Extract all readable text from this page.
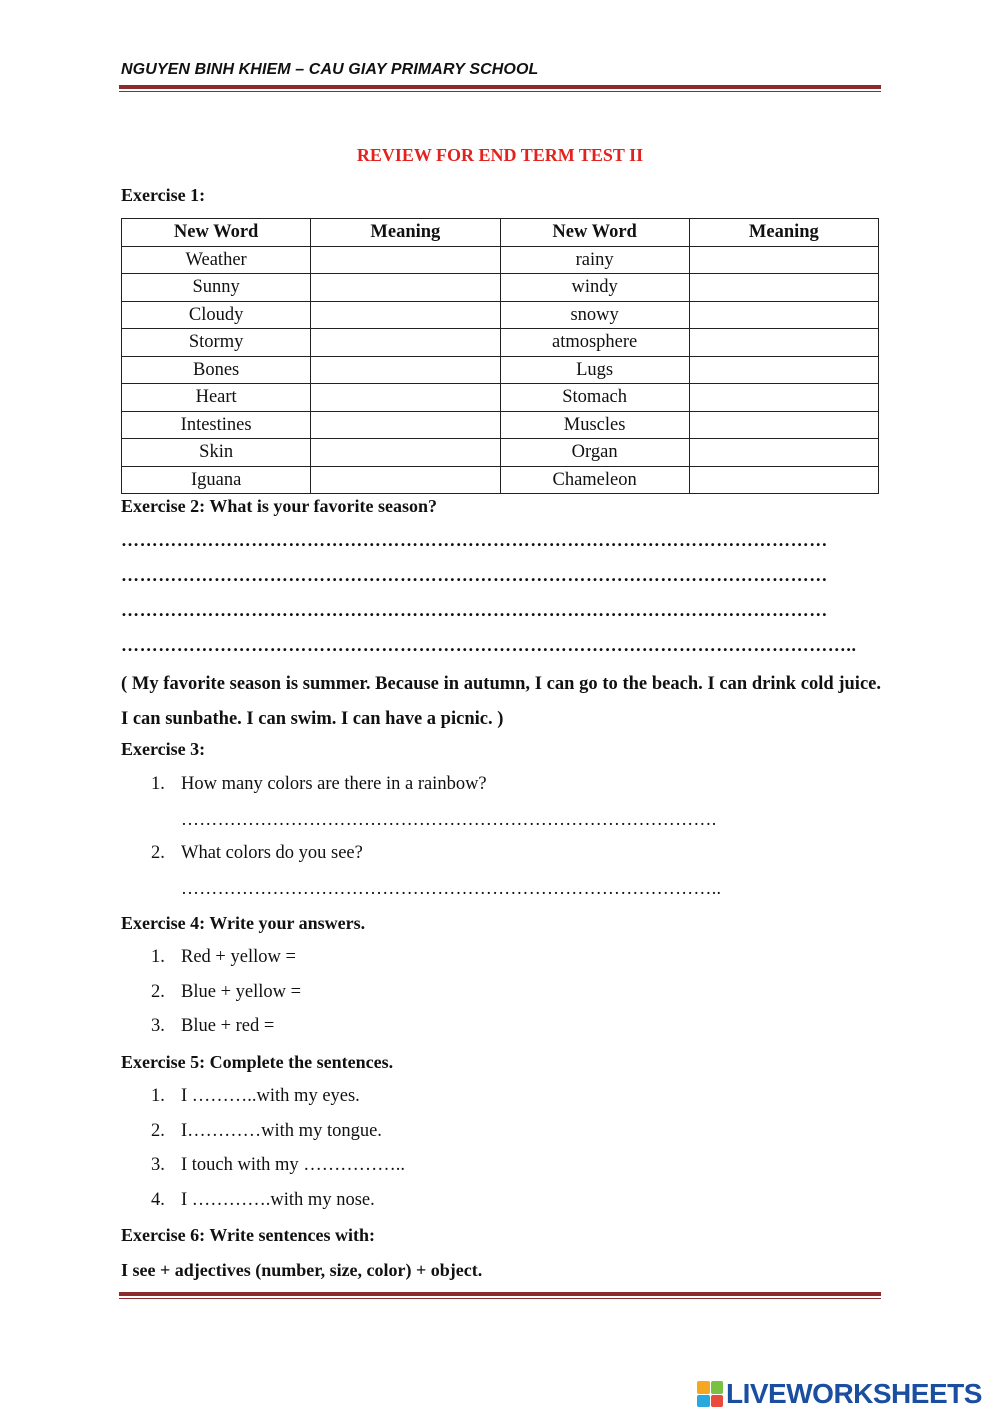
NGUYEN BINH KHIEM – CAU GIAY PRIMARY SCHOOL
REVIEW FOR END TERM TEST II
Exercise 1:
New Word	Meaning	New Word	Meaning
Weather		rainy	
Sunny		windy	
Cloudy		snowy	
Stormy		atmosphere	
Bones		Lugs	
Heart		Stomach	
Intestines		Muscles	
Skin		Organ	
Iguana		Chameleon	
Exercise 2: What is your favorite season?
……………………………………………………………………………………………………
……………………………………………………………………………………………………
……………………………………………………………………………………………………
………………………………………………………………………………………………………..
( My favorite season is summer. Because in autumn, I can go to the beach. I can drink cold juice. I can sunbathe. I can swim. I can have a picnic. )
Exercise 3:
1. How many colors are there in a rainbow?
…………………………………………………………………………….
2. What colors do you see?
……………………………………………………………………………..
Exercise 4: Write your answers.
1. Red + yellow =
2. Blue + yellow =
3. Blue + red =
Exercise 5: Complete the sentences.
1. I ………..with my eyes.
2. I…………with my tongue.
3. I touch with my ……………..
4. I ………….with my nose.
Exercise 6: Write sentences with:
I see + adjectives (number, size, color) + object.
LIVEWORKSHEETS
